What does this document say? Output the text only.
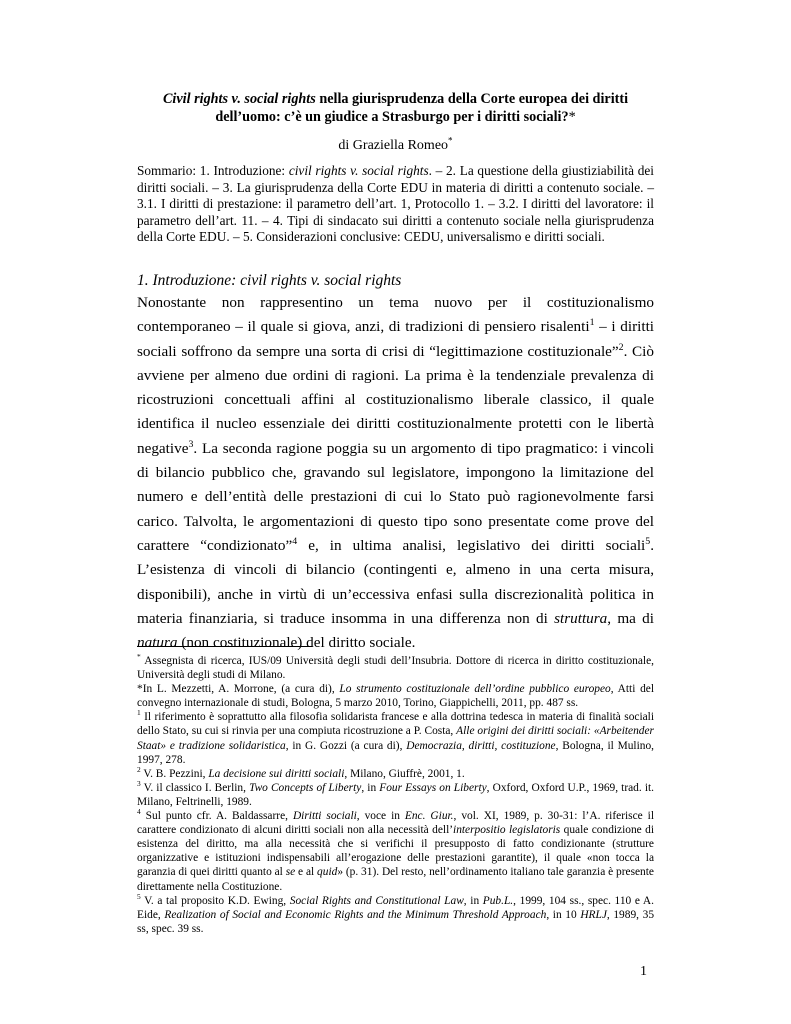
Civil rights v. social rights nella giurisprudenza della Corte europea dei diritti
dell’uomo: c’è un giudice a Strasburgo per i diritti sociali?*
di Graziella Romeo*
Sommario: 1. Introduzione: civil rights v. social rights. – 2. La questione della giustiziabilità dei diritti sociali. – 3. La giurisprudenza della Corte EDU in materia di diritti a contenuto sociale. – 3.1. I diritti di prestazione: il parametro dell’art. 1, Protocollo 1. – 3.2. I diritti del lavoratore: il parametro dell’art. 11. – 4. Tipi di sindacato sui diritti a contenuto sociale nella giurisprudenza della Corte EDU. – 5. Considerazioni conclusive: CEDU, universalismo e diritti sociali.
1. Introduzione: civil rights v. social rights
Nonostante non rappresentino un tema nuovo per il costituzionalismo contemporaneo – il quale si giova, anzi, di tradizioni di pensiero risalenti$^1$ – i diritti sociali soffrono da sempre una sorta di crisi di “legittimazione costituzionale”$^2$. Ciò avviene per almeno due ordini di ragioni. La prima è la tendenziale prevalenza di ricostruzioni concettuali affini al costituzionalismo liberale classico, il quale identifica il nucleo essenziale dei diritti costituzionalmente protetti con le libertà negative$^3$. La seconda ragione poggia su un argomento di tipo pragmatico: i vincoli di bilancio pubblico che, gravando sul legislatore, impongono la limitazione del numero e dell’entità delle prestazioni di cui lo Stato può ragionevolmente farsi carico. Talvolta, le argomentazioni di questo tipo sono presentate come prove del carattere “condizionato”$^4$ e, in ultima analisi, legislativo dei diritti sociali$^5$. L’esistenza di vincoli di bilancio (contingenti e, almeno in una certa misura, disponibili), anche in virtù di un’eccessiva enfasi sulla discrezionalità politica in materia finanziaria, si traduce insomma in una differenza non di struttura, ma di natura (non costituzionale) del diritto sociale.

* Assegnista di ricerca, IUS/09 Università degli studi dell’Insubria. Dottore di ricerca in diritto costituzionale, Università degli studi di Milano.

*In L. Mezzetti, A. Morrone, (a cura di), Lo strumento costituzionale dell’ordine pubblico europeo, Atti del convegno internazionale di studi, Bologna, 5 marzo 2010, Torino, Giappichelli, 2011, pp. 487 ss.

$^1$ Il riferimento è soprattutto alla filosofia solidarista francese e alla dottrina tedesca in materia di finalità sociali dello Stato, su cui si rinvia per una compiuta ricostruzione a P. Costa, Alle origini dei diritti sociali: «Arbeitender Staat» e tradizione solidaristica, in G. Gozzi (a cura di), Democrazia, diritti, costituzione, Bologna, il Mulino, 1997, 278.

$^2$ V. B. Pezzini, La decisione sui diritti sociali, Milano, Giuffrè, 2001, 1.

$^3$ V. il classico I. Berlin, Two Concepts of Liberty, in Four Essays on Liberty, Oxford, Oxford U.P., 1969, trad. it. Milano, Feltrinelli, 1989.

$^4$ Sul punto cfr. A. Baldassarre, Diritti sociali, voce in Enc. Giur., vol. XI, 1989, p. 30-31: l’A. riferisce il carattere condizionato di alcuni diritti sociali non alla necessità dell’interpositio legislatoris quale condizione di esistenza del diritto, ma alla necessità che si verifichi il presupposto di fatto condizionante (strutture organizzative e istituzioni indispensabili all’erogazione delle prestazioni garantite), il quale «non tocca la garanzia di quei diritti quanto al se e al quid» (p. 31). Del resto, nell’ordinamento italiano tale garanzia è presente direttamente nella Costituzione.

$^5$ V. a tal proposito K.D. Ewing, Social Rights and Constitutional Law, in Pub.L., 1999, 104 ss., spec. 110 e A. Eide, Realization of Social and Economic Rights and the Minimum Threshold Approach, in 10 HRLJ, 1989, 35 ss, spec. 39 ss.

1
